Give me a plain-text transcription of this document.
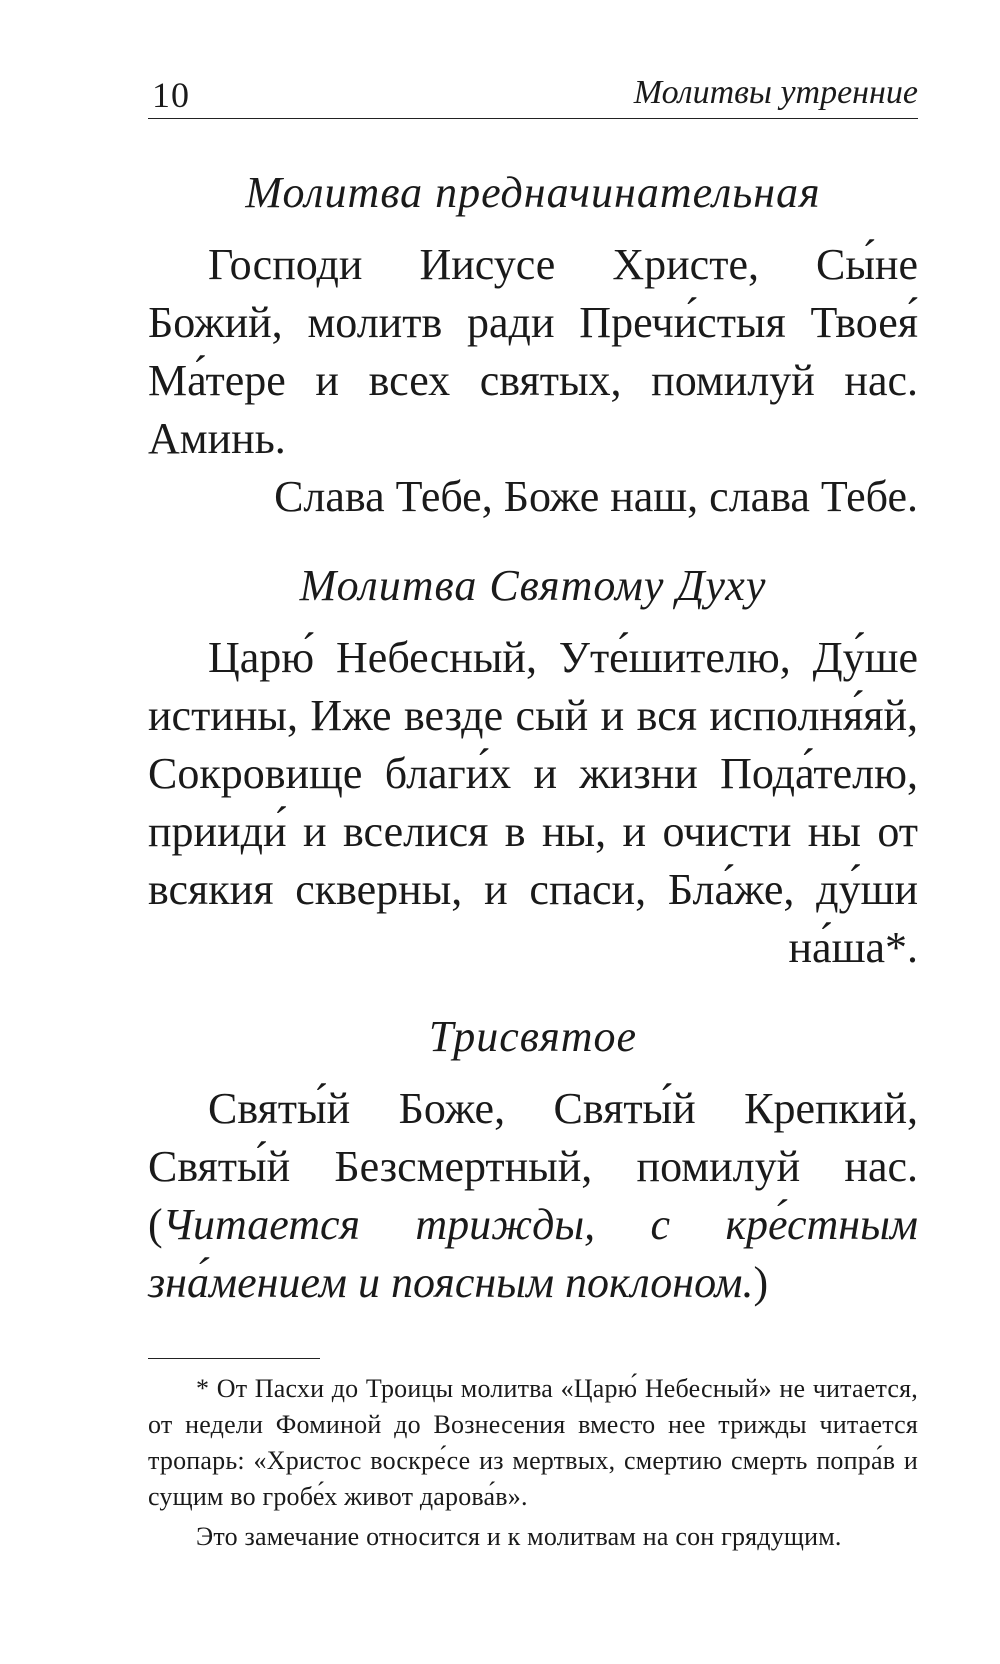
10	Молитвы утренние

Молитва предначинательная

Господи Иисусе Христе, Сы́не Божий, молитв ради Пречи́стыя Твоея́ Ма́тере и всех святых, помилуй нас. Аминь.

Слава Тебе, Боже наш, слава Тебе.

Молитва Святому Духу

Царю́ Небесный, Уте́шителю, Ду́ше истины, Иже везде сый и вся исполня́яй, Сокровище благи́х и жизни Пода́телю, прииди́ и вселися в ны, и очисти ны от всякия скверны, и спаси, Бла́же, ду́ши на́ша*.

Трисвятое

Святы́й Боже, Святы́й Крепкий, Святы́й Безсмертный, помилуй нас. (Читается трижды, с кре́стным зна́мением и поясным поклоном.)

* От Пасхи до Троицы молитва «Царю́ Небесный» не читается, от недели Фоминой до Вознесения вместо нее трижды читается тропарь: «Христос воскре́се из мертвых, смертию смерть попра́в и сущим во гробе́х живот дарова́в».

Это замечание относится и к молитвам на сон грядущим.
